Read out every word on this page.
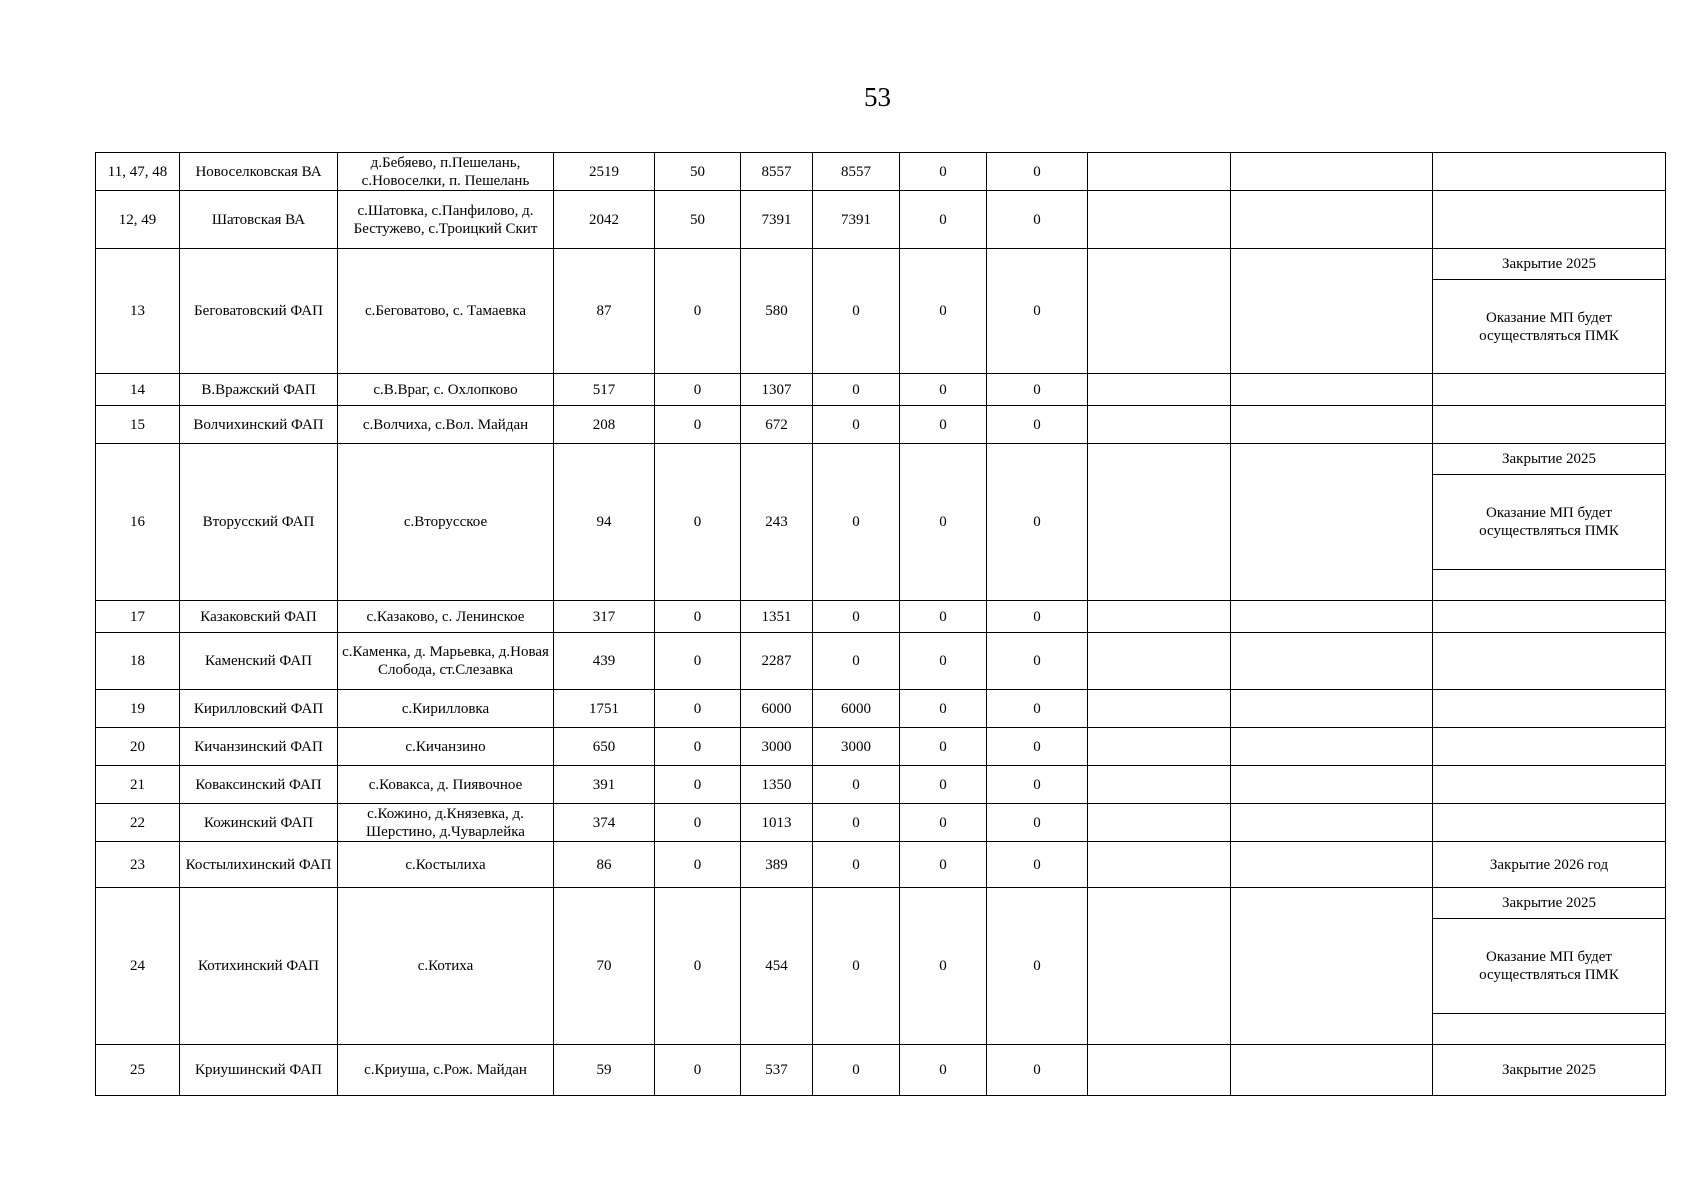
53
11, 47, 48	Новоселковская ВА	д.Бебяево, п.Пешелань, с.Новоселки, п. Пешелань	2519	50	8557	8557	0	0			
12, 49	Шатовская ВА	с.Шатовка, с.Панфилово, д. Бестужево, с.Троицкий Скит	2042	50	7391	7391	0	0			
13	Беговатовский ФАП	с.Беговатово, с. Тамаевка	87	0	580	0	0	0			Закрытие 2025
Оказание МП будет осуществляться ПМК

14	В.Вражский ФАП	с.В.Враг, с. Охлопково	517	0	1307	0	0	0			
15	Волчихинский ФАП	с.Волчиха, с.Вол. Майдан	208	0	672	0	0	0			
16	Вторусский ФАП	с.Вторусское	94	0	243	0	0	0			Закрытие 2025
Оказание МП будет осуществляться ПМК

17	Казаковский ФАП	с.Казаково, с. Ленинское	317	0	1351	0	0	0			
18	Каменский ФАП	с.Каменка, д. Марьевка, д.Новая Слобода, ст.Слезавка	439	0	2287	0	0	0			
19	Кирилловский ФАП	с.Кирилловка	1751	0	6000	6000	0	0			
20	Кичанзинский ФАП	с.Кичанзино	650	0	3000	3000	0	0			
21	Коваксинский ФАП	с.Ковакса, д. Пиявочное	391	0	1350	0	0	0			
22	Кожинский ФАП	с.Кожино, д.Князевка, д. Шерстино, д.Чуварлейка	374	0	1013	0	0	0			
23	Костылихинский ФАП	с.Костылиха	86	0	389	0	0	0			Закрытие 2026 год
24	Котихинский ФАП	с.Котиха	70	0	454	0	0	0			Закрытие 2025
Оказание МП будет осуществляться ПМК

25	Криушинский ФАП	с.Криуша, с.Рож. Майдан	59	0	537	0	0	0			Закрытие 2025
